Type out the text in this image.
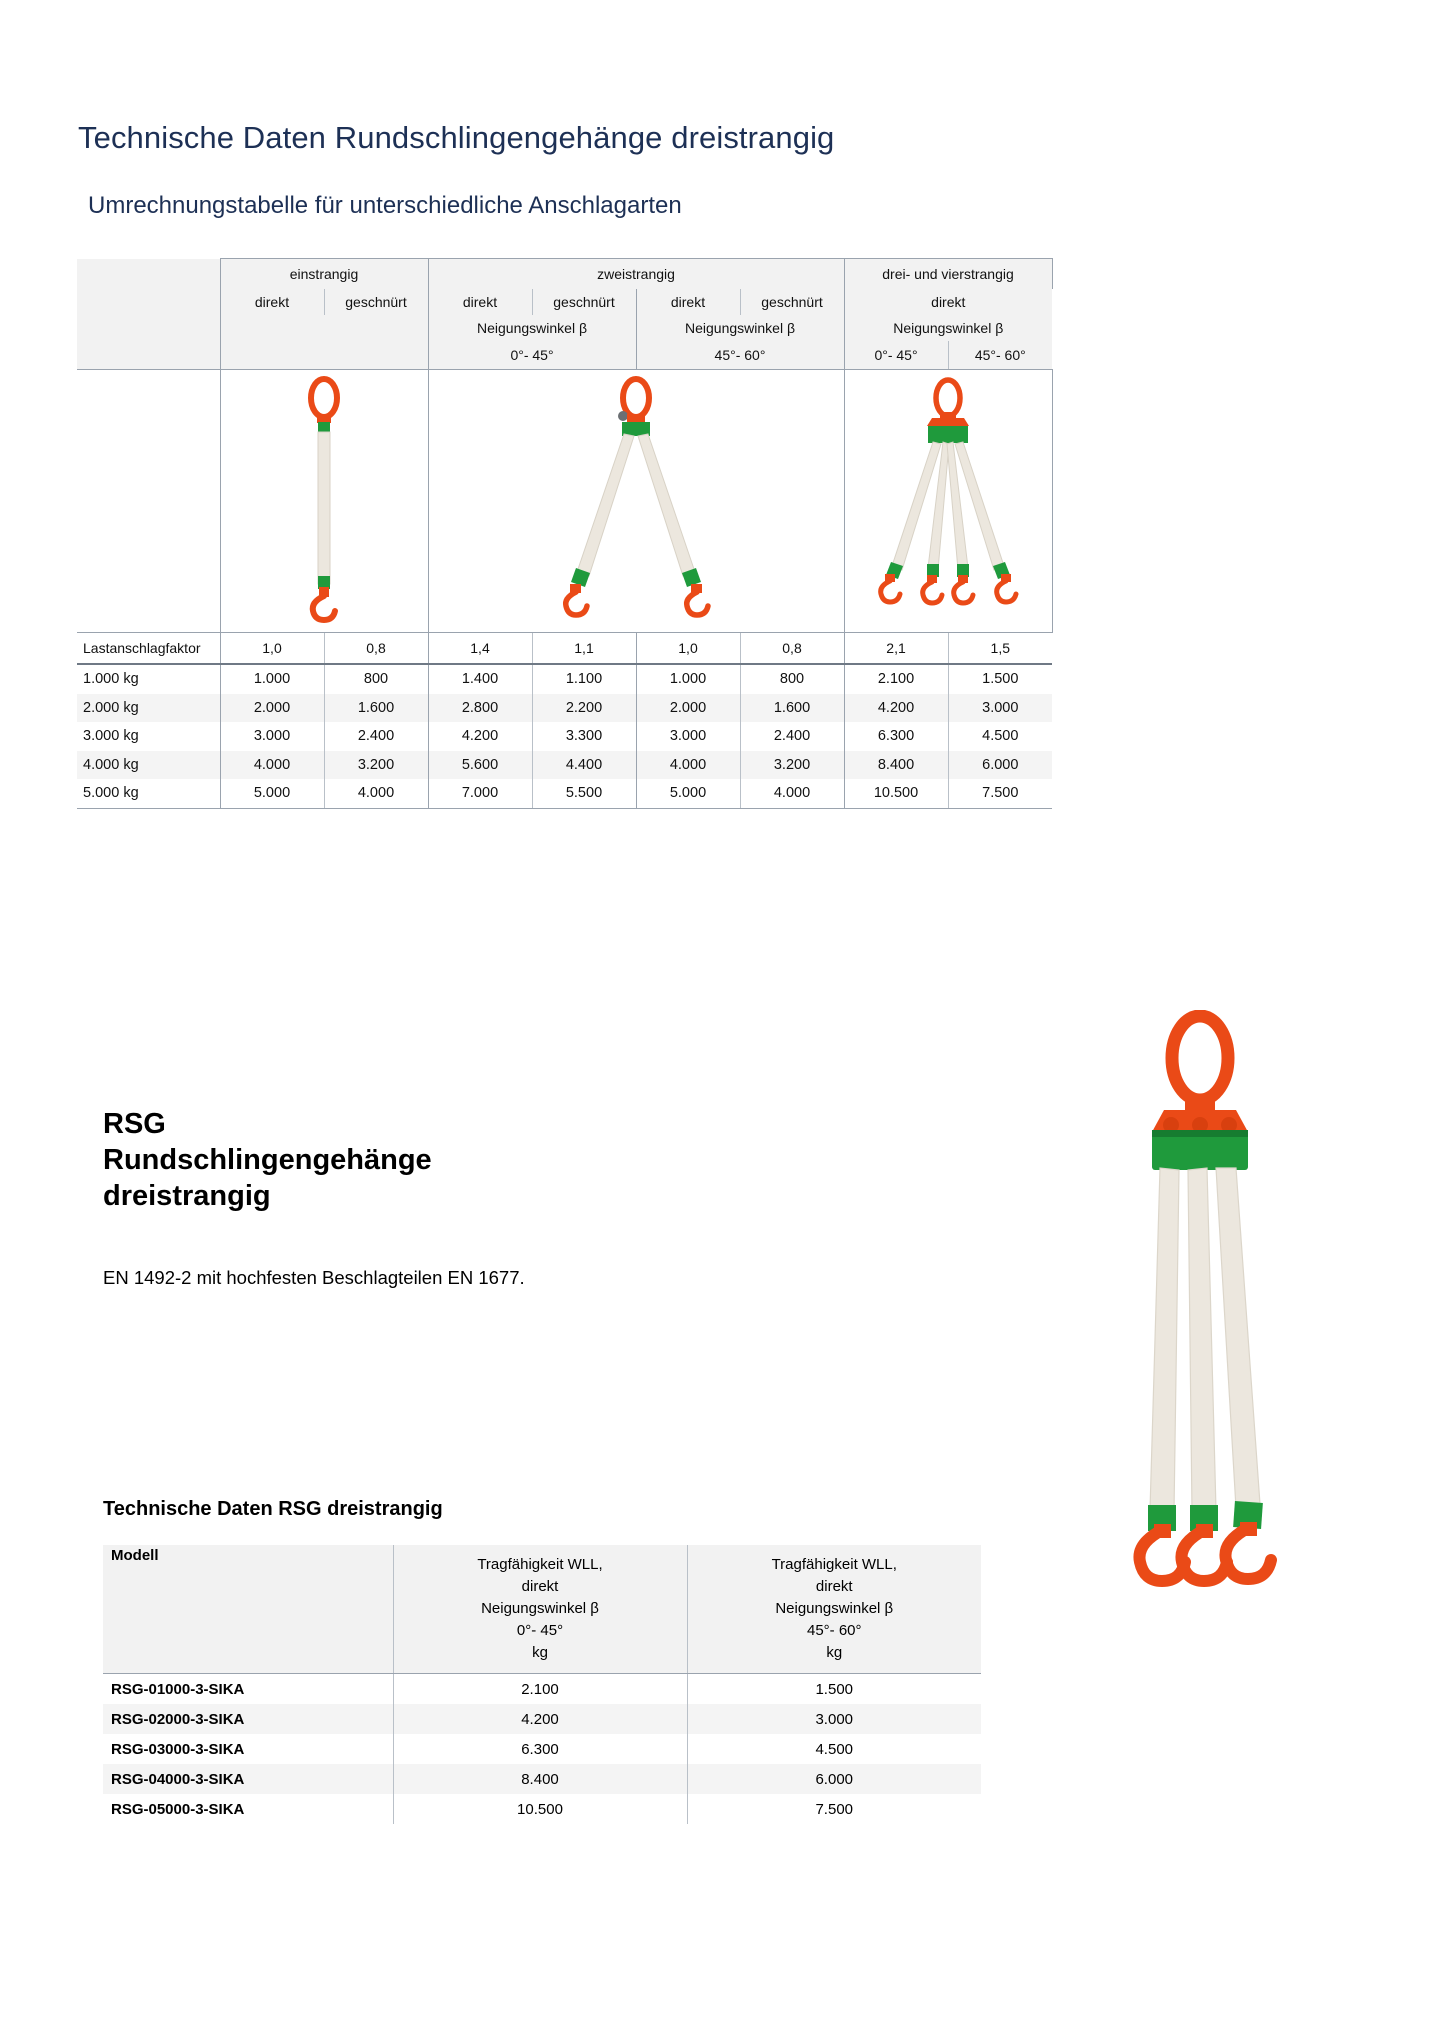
Technische Daten Rundschlingengehänge dreistrangig
Umrechnungstabelle für unterschiedliche Anschlagarten
	einstrangig		zweistrangig				drei- und vierstrangig	
	direkt	geschnürt	direkt	geschnürt	direkt	geschnürt	direkt	
			Neigungswinkel β		Neigungswinkel β		Neigungswinkel β	
			0°- 45°		45°- 60°		0°- 45°	45°- 60°

Lastanschlagfaktor	1,0	0,8	1,4	1,1	1,0	0,8	2,1	1,5
1.000 kg	1.000	800	1.400	1.100	1.000	800	2.100	1.500
2.000 kg	2.000	1.600	2.800	2.200	2.000	1.600	4.200	3.000
3.000 kg	3.000	2.400	4.200	3.300	3.000	2.400	6.300	4.500
4.000 kg	4.000	3.200	5.600	4.400	4.000	3.200	8.400	6.000
5.000 kg	5.000	4.000	7.000	5.500	5.000	4.000	10.500	7.500
RSG
Rundschlingengehänge
dreistrangig
EN 1492-2 mit hochfesten Beschlagteilen EN 1677.
Technische Daten RSG dreistrangig
Modell	
Tragfähigkeit WLL,
direkt
Neigungswinkel β
0°- 45°
kg

Tragfähigkeit WLL,
direkt
Neigungswinkel β
45°- 60°
kg

RSG-01000-3-SIKA	2.100	1.500
RSG-02000-3-SIKA	4.200	3.000
RSG-03000-3-SIKA	6.300	4.500
RSG-04000-3-SIKA	8.400	6.000
RSG-05000-3-SIKA	10.500	7.500
